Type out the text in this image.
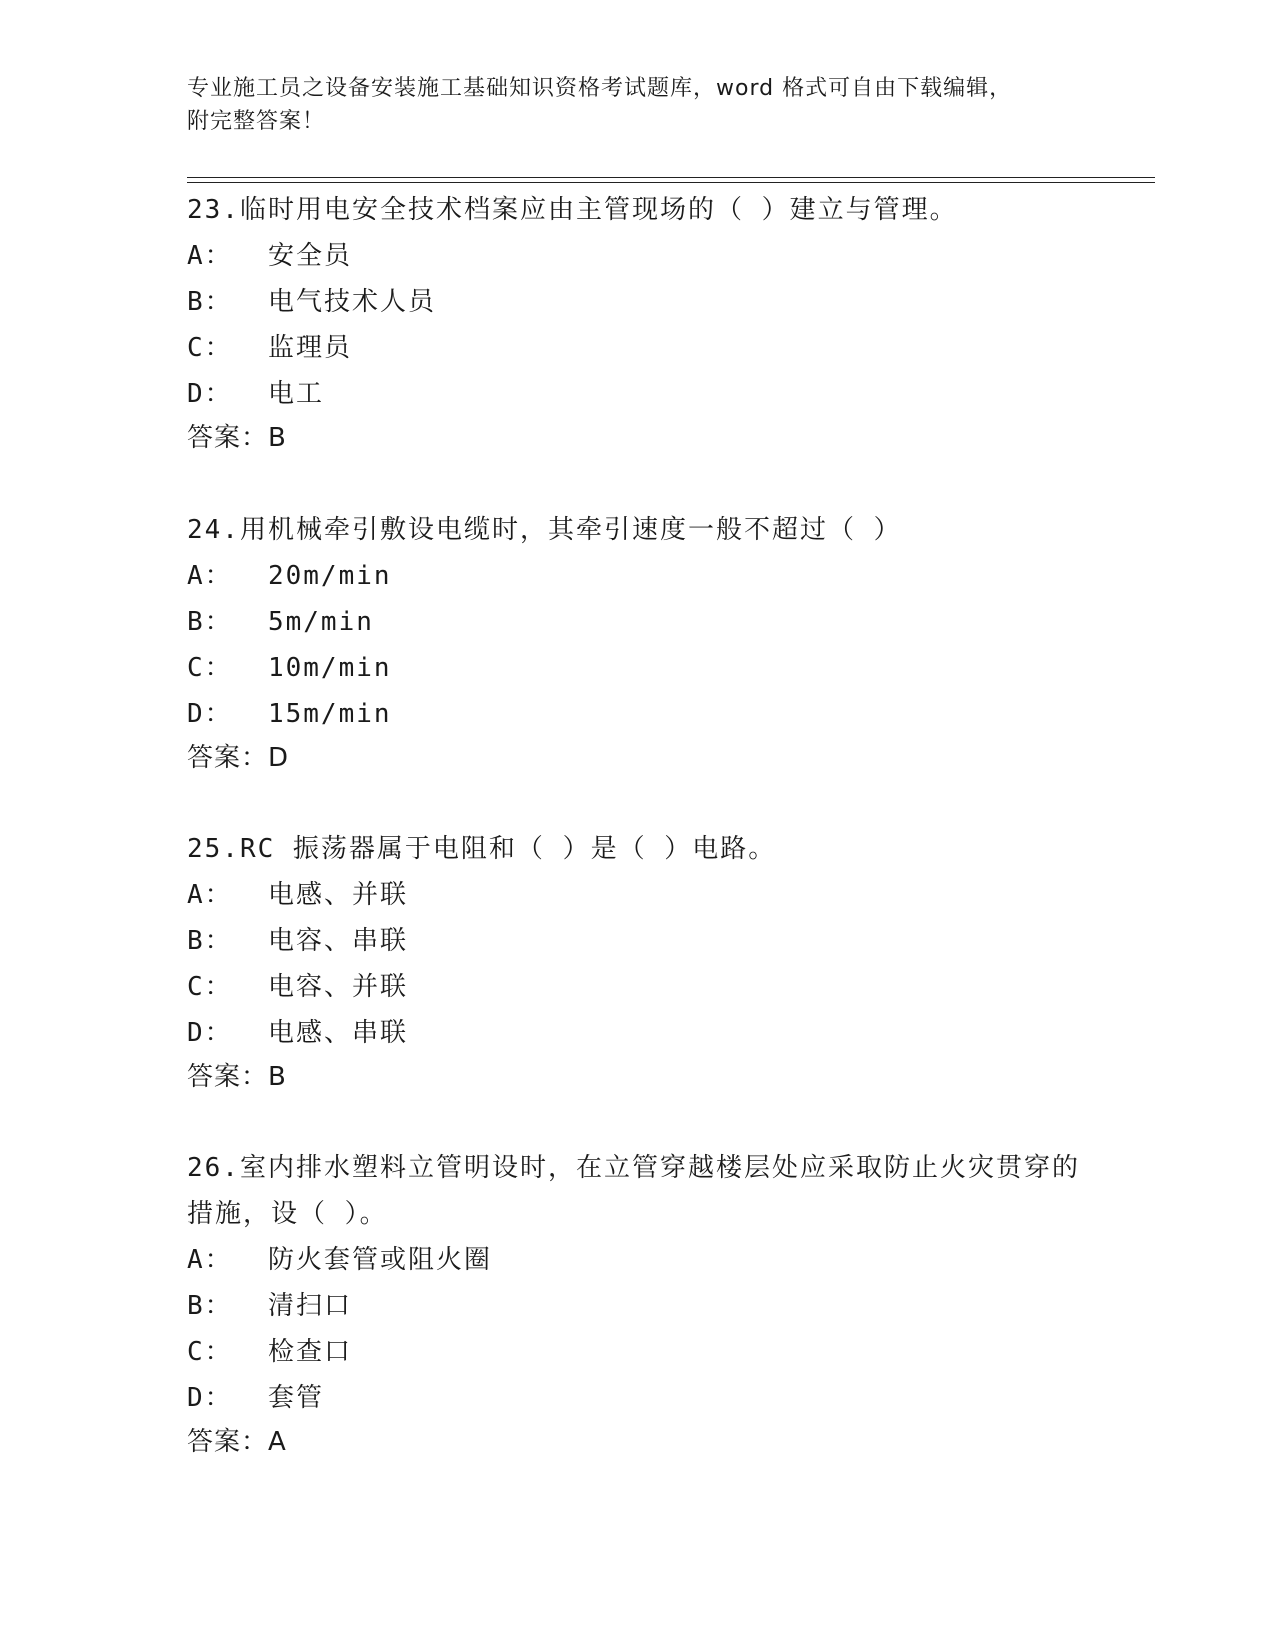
专业施工员之设备安装施工基础知识资格考试题库，word 格式可自由下载编辑，
附完整答案！
23.临时用电安全技术档案应由主管现场的（ ）建立与管理。
A：  安全员
B：  电气技术人员
C：  监理员
D：  电工
答案：B
24.用机械牵引敷设电缆时，其牵引速度一般不超过（ ）
A：  20m/min
B：  5m/min
C：  10m/min
D：  15m/min
答案：D
25.RC 振荡器属于电阻和（ ）是（ ）电路。
A：  电感、并联
B：  电容、串联
C：  电容、并联
D：  电感、串联
答案：B
26.室内排水塑料立管明设时，在立管穿越楼层处应采取防止火灾贯穿的措施，设（ ）。
A：  防火套管或阻火圈
B：  清扫口
C：  检查口
D：  套管
答案：A
